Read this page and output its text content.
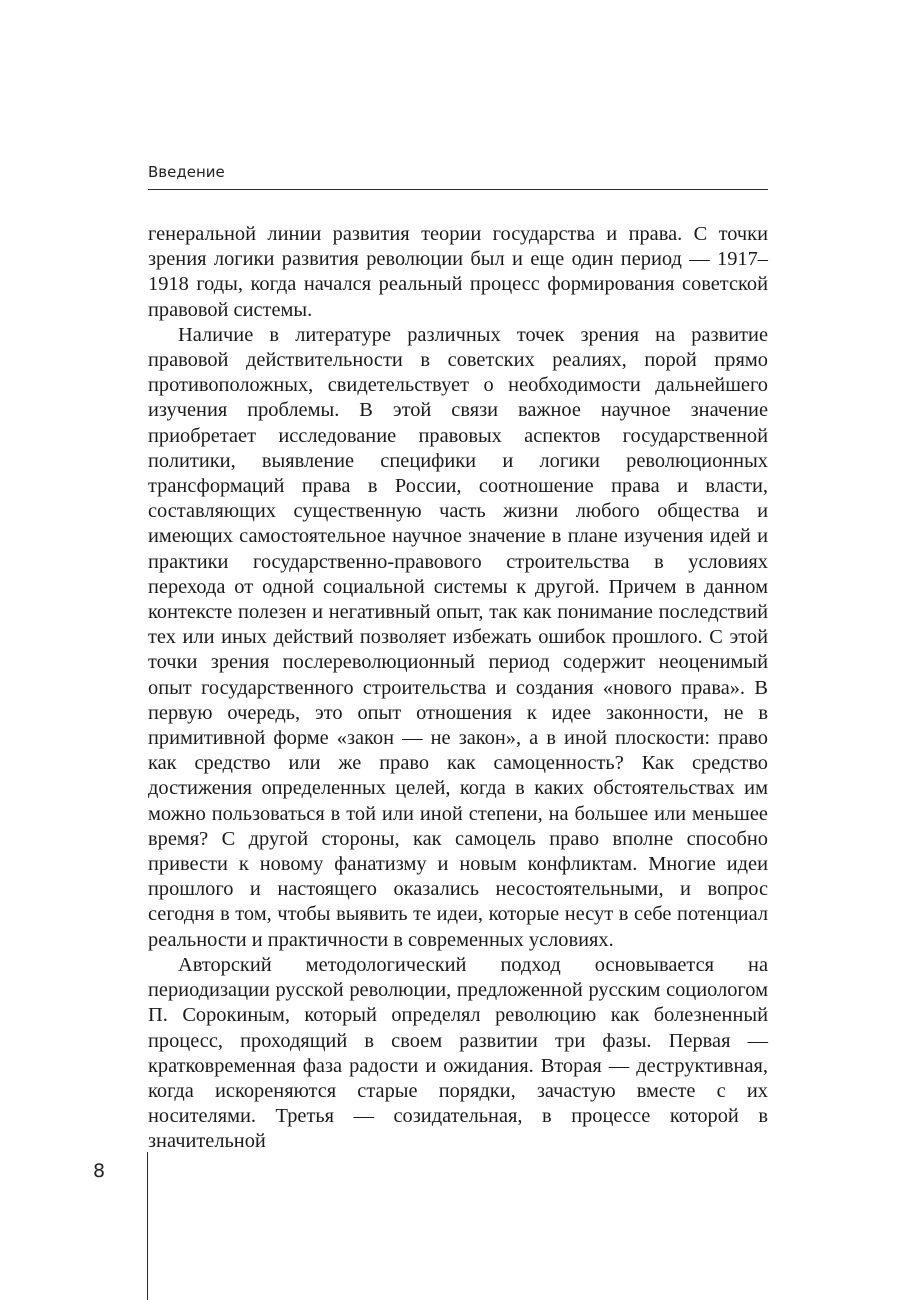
Введение

генеральной линии развития теории государства и права. С точки зрения логики развития революции был и еще один период — 1917–1918 годы, когда начался реальный процесс формирования советской правовой системы.

Наличие в литературе различных точек зрения на развитие правовой действительности в советских реалиях, порой прямо противоположных, свидетельствует о необходимости дальнейшего изучения проблемы. В этой связи важное научное значение приобретает исследование правовых аспектов государственной политики, выявление специфики и логики революционных трансформаций права в России, соотношение права и власти, составляющих существенную часть жизни любого общества и имеющих самостоятельное научное значение в плане изучения идей и практики государственно-правового строительства в условиях перехода от одной социальной системы к другой. Причем в данном контексте полезен и негативный опыт, так как понимание последствий тех или иных действий позволяет избежать ошибок прошлого. С этой точки зрения послереволюционный период содержит неоценимый опыт государственного строительства и создания «нового права». В первую очередь, это опыт отношения к идее законности, не в примитивной форме «закон — не закон», а в иной плоскости: право как средство или же право как самоценность? Как средство достижения определенных целей, когда в каких обстоятельствах им можно пользоваться в той или иной степени, на большее или меньшее время? С другой стороны, как самоцель право вполне способно привести к новому фанатизму и новым конфликтам. Многие идеи прошлого и настоящего оказались несостоятельными, и вопрос сегодня в том, чтобы выявить те идеи, которые несут в себе потенциал реальности и практичности в современных условиях.

Авторский методологический подход основывается на периодизации русской революции, предложенной русским социологом П. Сорокиным, который определял революцию как болезненный процесс, проходящий в своем развитии три фазы. Первая — кратковременная фаза радости и ожидания. Вторая — деструктивная, когда искореняются старые порядки, зачастую вместе с их носителями. Третья — созидательная, в процессе которой в значительной

8
